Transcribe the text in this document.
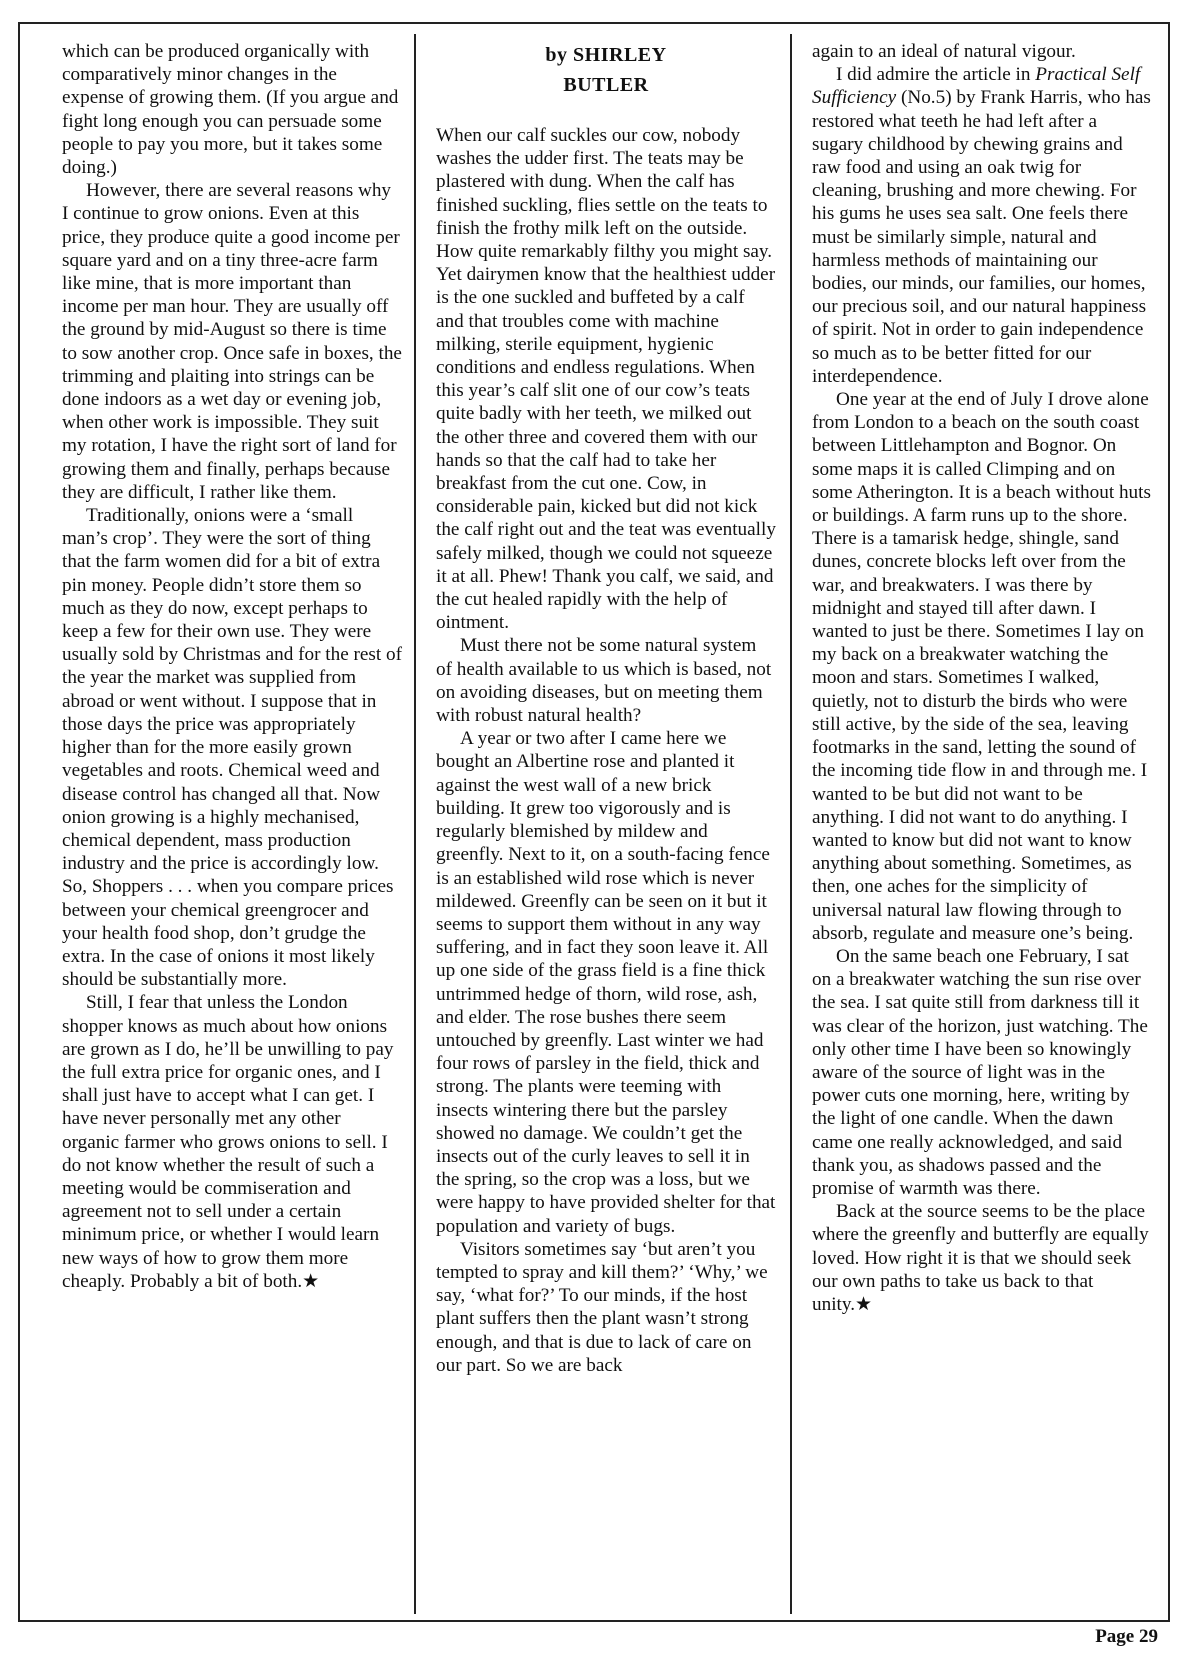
which can be produced organically with comparatively minor changes in the expense of growing them. (If you argue and fight long enough you can persuade some people to pay you more, but it takes some doing.)

However, there are several reasons why I continue to grow onions. Even at this price, they produce quite a good income per square yard and on a tiny three-acre farm like mine, that is more important than income per man hour. They are usually off the ground by mid-August so there is time to sow another crop. Once safe in boxes, the trimming and plaiting into strings can be done indoors as a wet day or evening job, when other work is impossible. They suit my rotation, I have the right sort of land for growing them and finally, perhaps because they are difficult, I rather like them.

Traditionally, onions were a ‘small man’s crop’. They were the sort of thing that the farm women did for a bit of extra pin money. People didn’t store them so much as they do now, except perhaps to keep a few for their own use. They were usually sold by Christmas and for the rest of the year the market was supplied from abroad or went without. I suppose that in those days the price was appropriately higher than for the more easily grown vegetables and roots. Chemical weed and disease control has changed all that. Now onion growing is a highly mechanised, chemical dependent, mass production industry and the price is accordingly low. So, Shoppers . . . when you compare prices between your chemical greengrocer and your health food shop, don’t grudge the extra. In the case of onions it most likely should be substantially more.

Still, I fear that unless the London shopper knows as much about how onions are grown as I do, he’ll be unwilling to pay the full extra price for organic ones, and I shall just have to accept what I can get. I have never personally met any other organic farmer who grows onions to sell. I do not know whether the result of such a meeting would be commiseration and agreement not to sell under a certain minimum price, or whether I would learn new ways of how to grow them more cheaply. Probably a bit of both.★

by SHIRLEY
BUTLER

When our calf suckles our cow, nobody washes the udder first. The teats may be plastered with dung. When the calf has finished suckling, flies settle on the teats to finish the frothy milk left on the outside. How quite remarkably filthy you might say. Yet dairymen know that the healthiest udder is the one suckled and buffeted by a calf and that troubles come with machine milking, sterile equipment, hygienic conditions and endless regulations. When this year’s calf slit one of our cow’s teats quite badly with her teeth, we milked out the other three and covered them with our hands so that the calf had to take her breakfast from the cut one. Cow, in considerable pain, kicked but did not kick the calf right out and the teat was eventually safely milked, though we could not squeeze it at all. Phew! Thank you calf, we said, and the cut healed rapidly with the help of ointment.

Must there not be some natural system of health available to us which is based, not on avoiding diseases, but on meeting them with robust natural health?

A year or two after I came here we bought an Albertine rose and planted it against the west wall of a new brick building. It grew too vigorously and is regularly blemished by mildew and greenfly. Next to it, on a south-facing fence is an established wild rose which is never mildewed. Greenfly can be seen on it but it seems to support them without in any way suffering, and in fact they soon leave it. All up one side of the grass field is a fine thick untrimmed hedge of thorn, wild rose, ash, and elder. The rose bushes there seem untouched by greenfly. Last winter we had four rows of parsley in the field, thick and strong. The plants were teeming with insects wintering there but the parsley showed no damage. We couldn’t get the insects out of the curly leaves to sell it in the spring, so the crop was a loss, but we were happy to have provided shelter for that population and variety of bugs.

Visitors sometimes say ‘but aren’t you tempted to spray and kill them?’ ‘Why,’ we say, ‘what for?’ To our minds, if the host plant suffers then the plant wasn’t strong enough, and that is due to lack of care on our part. So we are back

again to an ideal of natural vigour.

I did admire the article in Practical Self Sufficiency (No.5) by Frank Harris, who has restored what teeth he had left after a sugary childhood by chewing grains and raw food and using an oak twig for cleaning, brushing and more chewing. For his gums he uses sea salt. One feels there must be similarly simple, natural and harmless methods of maintaining our bodies, our minds, our families, our homes, our precious soil, and our natural happiness of spirit. Not in order to gain independence so much as to be better fitted for our interdependence.

One year at the end of July I drove alone from London to a beach on the south coast between Littlehampton and Bognor. On some maps it is called Climping and on some Atherington. It is a beach without huts or buildings. A farm runs up to the shore. There is a tamarisk hedge, shingle, sand dunes, concrete blocks left over from the war, and breakwaters. I was there by midnight and stayed till after dawn. I wanted to just be there. Sometimes I lay on my back on a breakwater watching the moon and stars. Sometimes I walked, quietly, not to disturb the birds who were still active, by the side of the sea, leaving footmarks in the sand, letting the sound of the incoming tide flow in and through me. I wanted to be but did not want to be anything. I did not want to do anything. I wanted to know but did not want to know anything about something. Sometimes, as then, one aches for the simplicity of universal natural law flowing through to absorb, regulate and measure one’s being.

On the same beach one February, I sat on a breakwater watching the sun rise over the sea. I sat quite still from darkness till it was clear of the horizon, just watching. The only other time I have been so knowingly aware of the source of light was in the power cuts one morning, here, writing by the light of one candle. When the dawn came one really acknowledged, and said thank you, as shadows passed and the promise of warmth was there.

Back at the source seems to be the place where the greenfly and butterfly are equally loved. How right it is that we should seek our own paths to take us back to that unity.★

Page 29
